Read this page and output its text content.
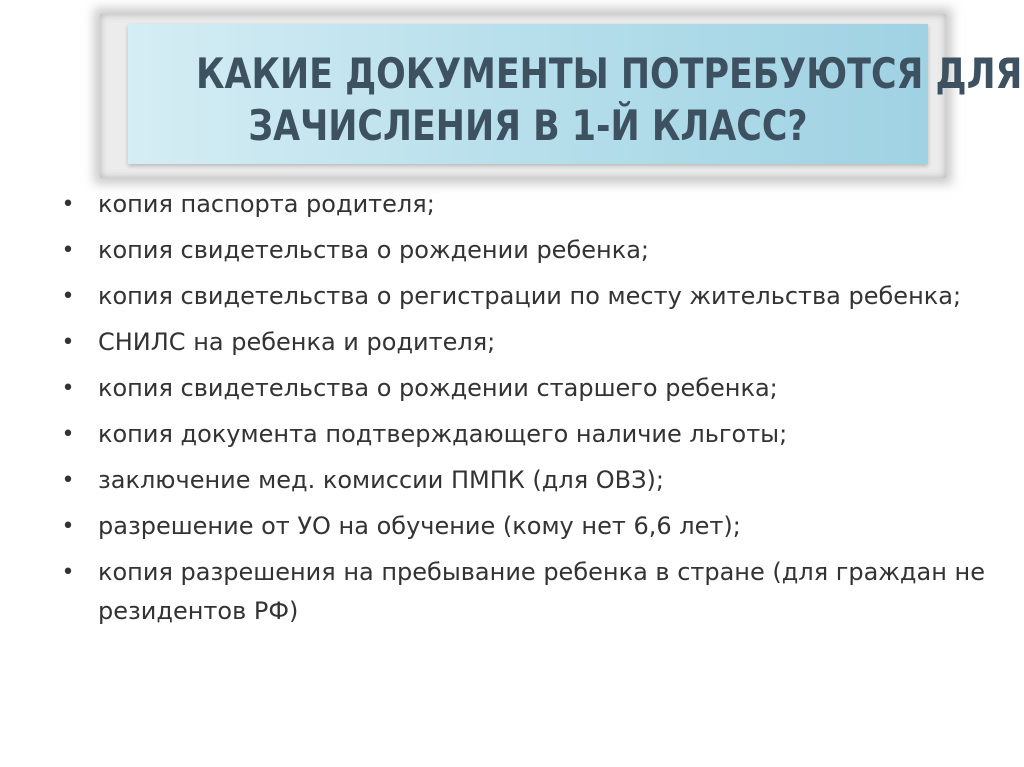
КАКИЕ ДОКУМЕНТЫ ПОТРЕБУЮТСЯ ДЛЯ
ЗАЧИСЛЕНИЯ В 1-Й КЛАСС?
• копия паспорта родителя;
• копия свидетельства о рождении ребенка;
• копия свидетельства о регистрации по месту жительства ребенка;
• СНИЛС на ребенка и родителя;
• копия свидетельства о рождении старшего ребенка;
• копия документа подтверждающего наличие льготы;
• заключение мед. комиссии ПМПК (для ОВЗ);
• разрешение от УО на обучение (кому нет 6,6 лет);
• копия разрешения на пребывание ребенка в стране (для граждан не резидентов РФ)
